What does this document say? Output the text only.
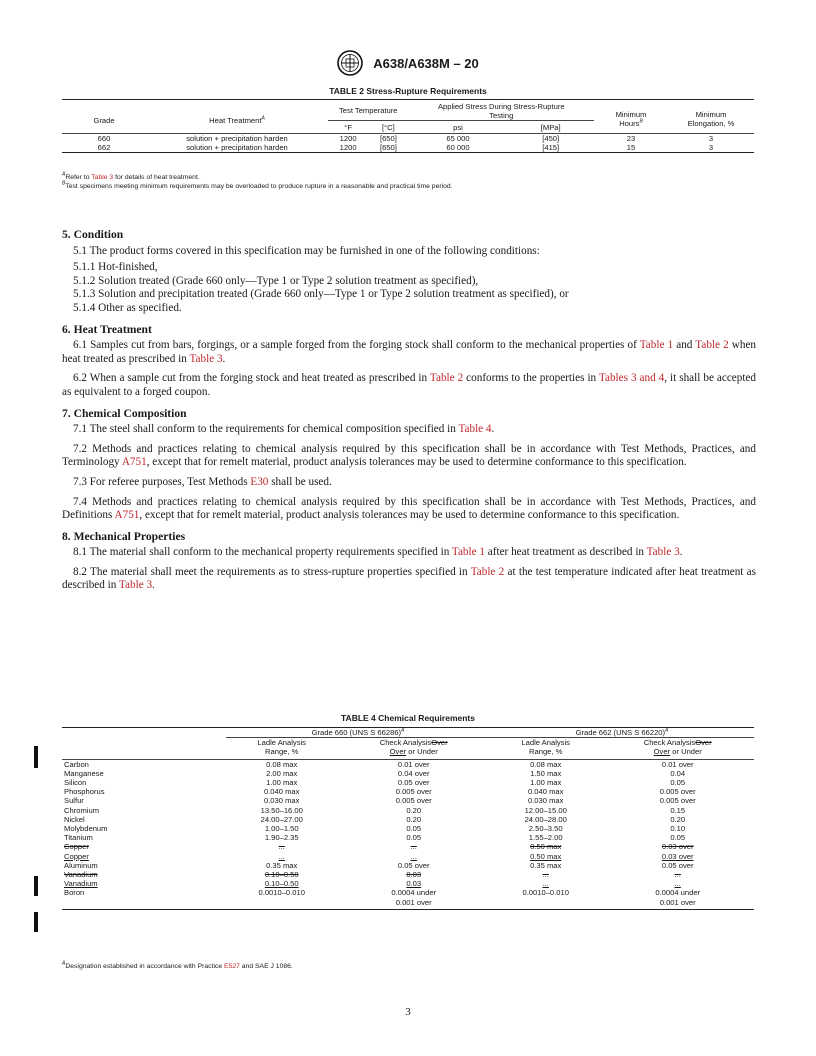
A638/A638M – 20
TABLE 2 Stress-Rupture Requirements
Grade	Heat Treatment$^A$	Test Temperature		Applied Stress During Stress-Rupture Testing		Minimum Hours$^B$	Minimum Elongation, %

		°F	[°C]	psi	[MPa]		
660	solution + precipitation harden	1200	[650]	65 000	[450]	23	3
662	solution + precipitation harden	1200	[650]	60 000	[415]	15	3
$^A$Refer to Table 3 for details of heat treatment.
$^B$Test specimens meeting minimum requirements may be overloaded to produce rupture in a reasonable and practical time period.
5. Condition

5.1 The product forms covered in this specification may be furnished in one of the following conditions:

5.1.1 Hot-finished,

5.1.2 Solution treated (Grade 660 only—Type 1 or Type 2 solution treatment as specified),

5.1.3 Solution and precipitation treated (Grade 660 only—Type 1 or Type 2 solution treatment as specified), or

5.1.4 Other as specified.

6. Heat Treatment

6.1 Samples cut from bars, forgings, or a sample forged from the forging stock shall conform to the mechanical properties of Table 1 and Table 2 when heat treated as prescribed in Table 3.

6.2 When a sample cut from the forging stock and heat treated as prescribed in Table 2 conforms to the properties in Tables 3 and 4, it shall be accepted as equivalent to a forged coupon.

7. Chemical Composition

7.1 The steel shall conform to the requirements for chemical composition specified in Table 4.

7.2 Methods and practices relating to chemical analysis required by this specification shall be in accordance with Test Methods, Practices, and Terminology A751, except that for remelt material, product analysis tolerances may be used to determine conformance to this specification.

7.3 For referee purposes, Test Methods E30 shall be used.

7.4 Methods and practices relating to chemical analysis required by this specification shall be in accordance with Test Methods, Practices, and Definitions A751, except that for remelt material, product analysis tolerances may be used to determine conformance to this specification.

8. Mechanical Properties

8.1 The material shall conform to the mechanical property requirements specified in Table 1 after heat treatment as described in Table 3.

8.2 The material shall meet the requirements as to stress-rupture properties specified in Table 2 at the test temperature indicated after heat treatment as described in Table 3.

TABLE 4 Chemical Requirements
	Grade 660 (UNS S 66286)$^A$		Grade 662 (UNS S 66220)$^A$
	Ladle Analysis	Check AnalysisOver	Ladle Analysis	Check AnalysisOver
	Range, %	Over or Under	Range, %	Over or Under
Carbon	0.08 max	0.01 over	0.08 max	0.01 over
Manganese	2.00 max	0.04 over	1.50 max	0.04
Silicon	1.00 max	0.05 over	1.00 max	0.05
Phosphorus	0.040 max	0.005 over	0.040 max	0.005 over
Sulfur	0.030 max	0.005 over	0.030 max	0.005 over
Chromium	13.50–16.00	0.20	12.00–15.00	0.15
Nickel	24.00–27.00	0.20	24.00–28.00	0.20
Molybdenum	1.00–1.50	0.05	2.50–3.50	0.10
Titanium	1.90–2.35	0.05	1.55–2.00	0.05
Copper	...	...	0.50 max	0.03 over
Copper	...	...	0.50 max	0.03 over
Aluminum	0.35 max	0.05 over	0.35 max	0.05 over
Vanadium	0.10–0.50	0.03	...	...
Vanadium	0.10–0.50	0.03	...	...
Boron	0.0010–0.010	0.0004 under	0.0010–0.010	0.0004 under
		0.001 over		0.001 over
$^A$Designation established in accordance with Practice E527 and SAE J 1086.
3
